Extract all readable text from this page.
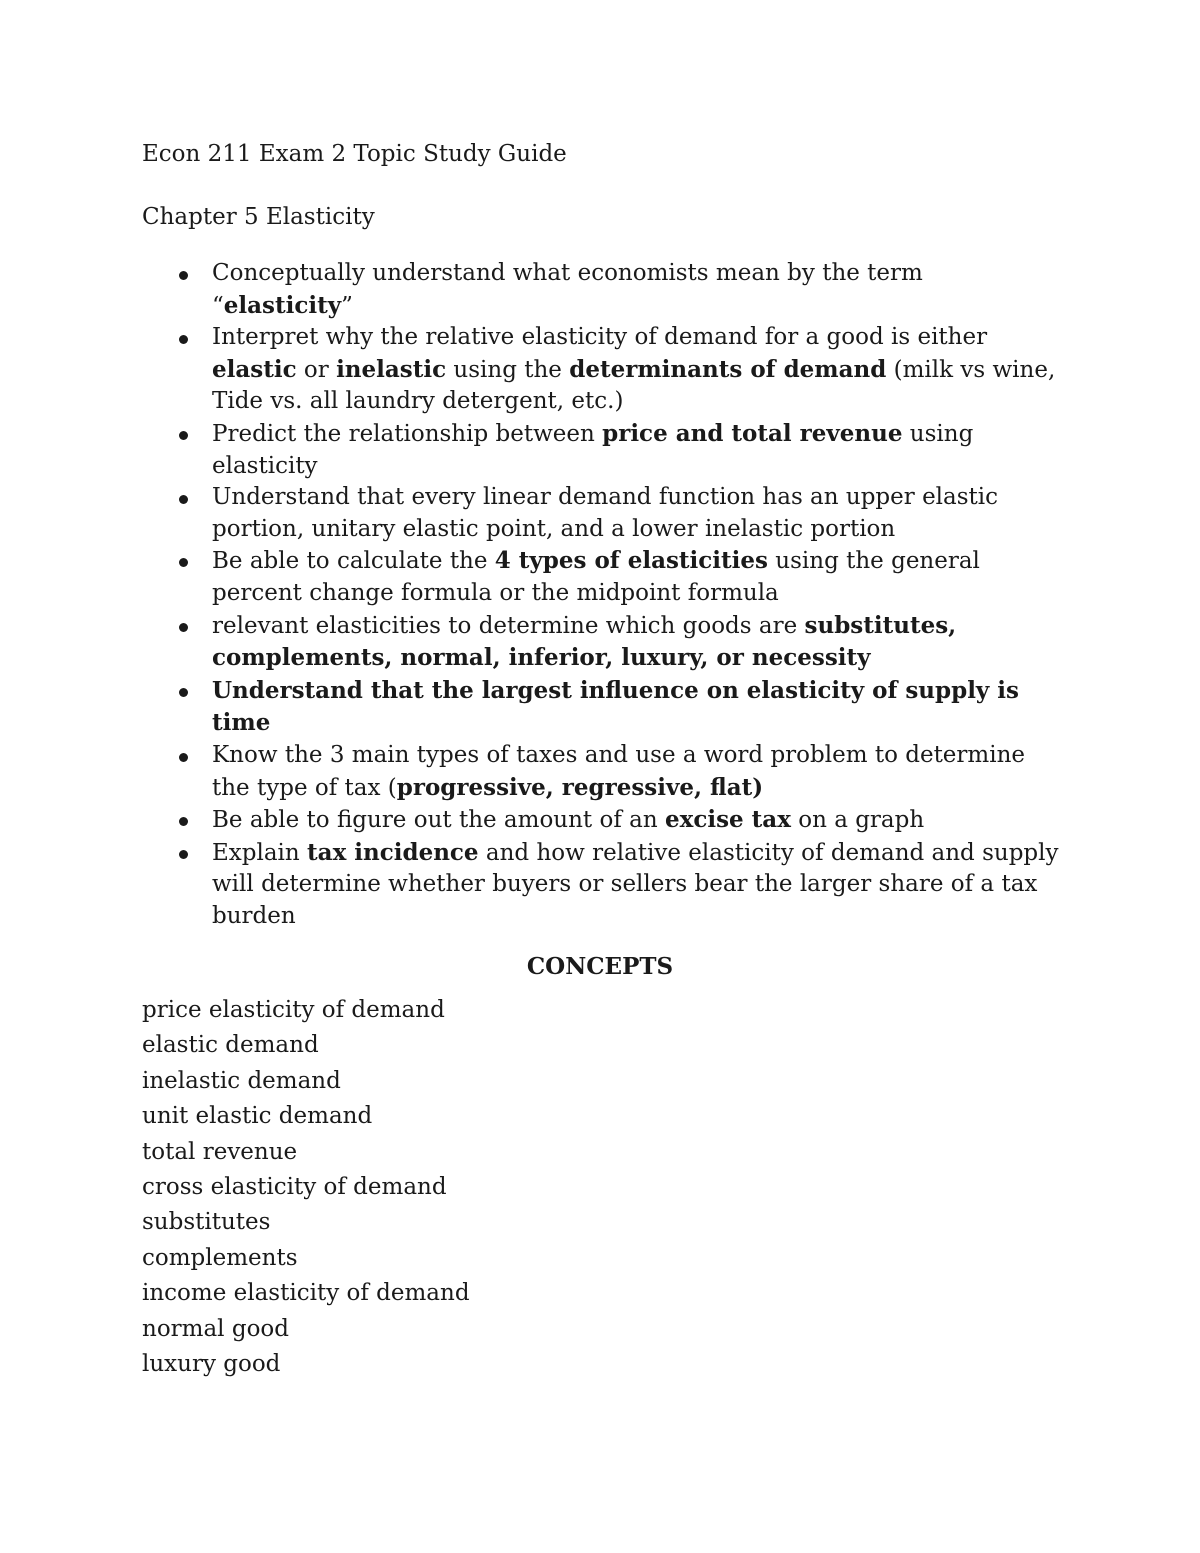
Econ 211 Exam 2 Topic Study Guide
Chapter 5 Elasticity
Conceptually understand what economists mean by the term “elasticity”
Interpret why the relative elasticity of demand for a good is either elastic or inelastic using the determinants of demand (milk vs wine, Tide vs. all laundry detergent, etc.)
Predict the relationship between price and total revenue using elasticity
Understand that every linear demand function has an upper elastic portion, unitary elastic point, and a lower inelastic portion
Be able to calculate the 4 types of elasticities using the general percent change formula or the midpoint formula
relevant elasticities to determine which goods are substitutes, complements, normal, inferior, luxury, or necessity
Understand that the largest influence on elasticity of supply is time
Know the 3 main types of taxes and use a word problem to determine the type of tax (progressive, regressive, flat)
Be able to figure out the amount of an excise tax on a graph
Explain tax incidence and how relative elasticity of demand and supply will determine whether buyers or sellers bear the larger share of a tax burden
CONCEPTS
price elasticity of demand
elastic demand
inelastic demand
unit elastic demand
total revenue
cross elasticity of demand
substitutes
complements
income elasticity of demand
normal good
luxury good
